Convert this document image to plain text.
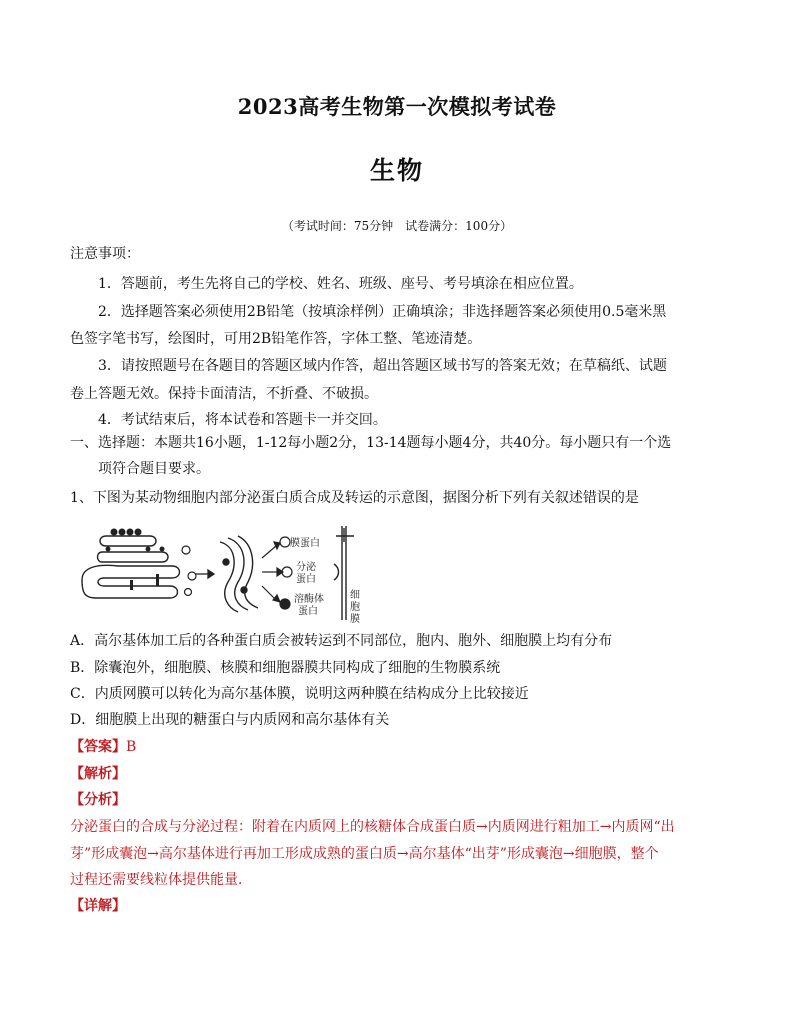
2023高考生物第一次模拟考试卷
生物
（考试时间：75分钟　试卷满分：100分）
注意事项：
1．答题前，考生先将自己的学校、姓名、班级、座号、考号填涂在相应位置。
2．选择题答案必须使用2B铅笔（按填涂样例）正确填涂；非选择题答案必须使用0.5毫米黑
色签字笔书写，绘图时，可用2B铅笔作答，字体工整、笔迹清楚。
3．请按照题号在各题目的答题区域内作答，超出答题区域书写的答案无效；在草稿纸、试题
卷上答题无效。保持卡面清洁，不折叠、不破损。
4．考试结束后，将本试卷和答题卡一并交回。
一、选择题：本题共16小题，1-12每小题2分，13-14题每小题4分，共40分。每小题只有一个选
项符合题目要求。
1、下图为某动物细胞内部分泌蛋白质合成及转运的示意图，据图分析下列有关叙述错误的是
膜蛋白
分泌
蛋白
溶酶体
蛋白
细
胞
膜
A．高尔基体加工后的各种蛋白质会被转运到不同部位，胞内、胞外、细胞膜上均有分布
B．除囊泡外，细胞膜、核膜和细胞器膜共同构成了细胞的生物膜系统
C．内质网膜可以转化为高尔基体膜，说明这两种膜在结构成分上比较接近
D．细胞膜上出现的糖蛋白与内质网和高尔基体有关
【答案】B
【解析】
【分析】
分泌蛋白的合成与分泌过程：附着在内质网上的核糖体合成蛋白质→内质网进行粗加工→内质网“出
芽”形成囊泡→高尔基体进行再加工形成成熟的蛋白质→高尔基体“出芽”形成囊泡→细胞膜，整个
过程还需要线粒体提供能量．
【详解】
